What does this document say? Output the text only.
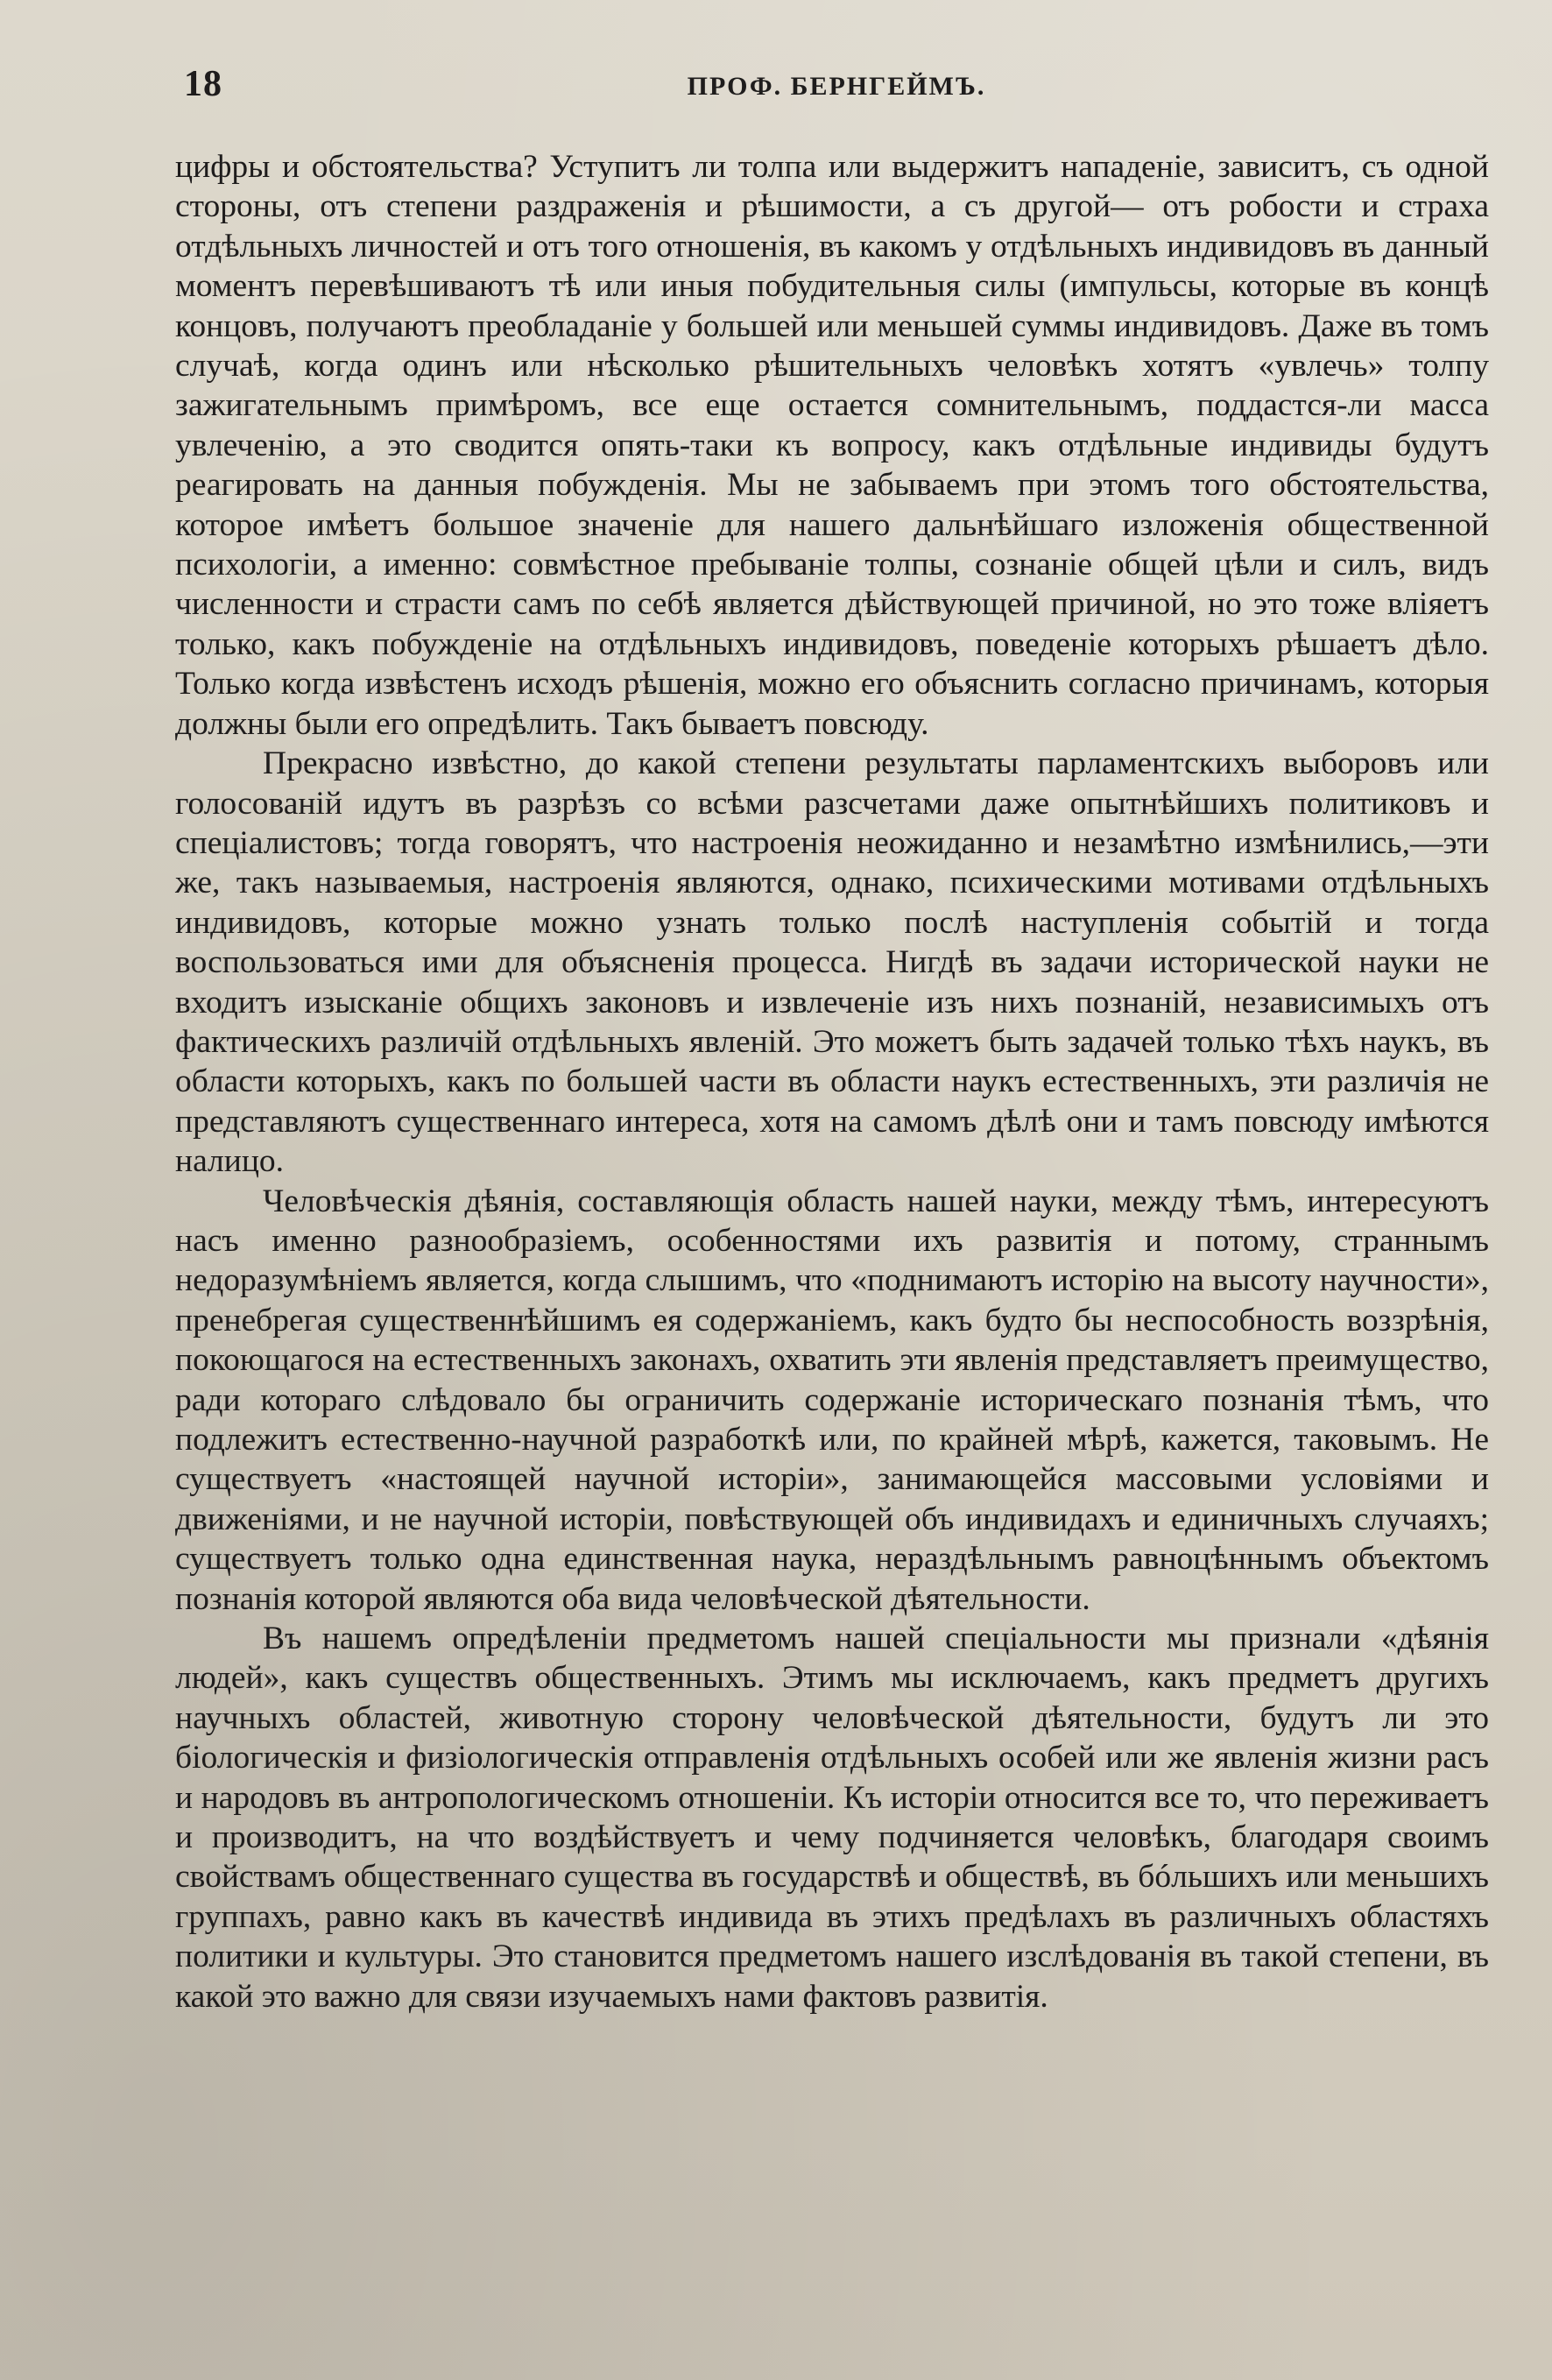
18	ПРОФ. БЕРНГЕЙМЪ.

цифры и обстоятельства? Уступитъ ли толпа или выдержитъ нападенiе, зависитъ, съ одной стороны, отъ степени раздраженiя и рѣшимости, а съ другой— отъ робости и страха отдѣльныхъ личностей и отъ того отношенiя, въ какомъ у отдѣльныхъ индивидовъ въ данный моментъ перевѣшиваютъ тѣ или иныя побудительныя силы (импульсы, которые въ концѣ концовъ, получаютъ преобладанiе у большей или меньшей суммы индивидовъ. Даже въ томъ случаѣ, когда одинъ или нѣсколько рѣшительныхъ человѣкъ хотятъ «увлечь» толпу зажигательнымъ примѣромъ, все еще остается сомнительнымъ, поддастся-ли масса увлеченiю, а это сводится опять-таки къ вопросу, какъ отдѣльные индивиды будутъ реагировать на данныя побужденiя. Мы не забываемъ при этомъ того обстоятельства, которое имѣетъ большое значенiе для нашего дальнѣйшаго изложенiя общественной психологiи, а именно: совмѣстное пребыванiе толпы, сознанiе общей цѣли и силъ, видъ численности и страсти самъ по себѣ является дѣйствующей причиной, но это тоже влiяетъ только, какъ побужденiе на отдѣльныхъ индивидовъ, поведенiе которыхъ рѣшаетъ дѣло. Только когда извѣстенъ исходъ рѣшенiя, можно его объяснить согласно причинамъ, которыя должны были его опредѣлить. Такъ бываетъ повсюду.

Прекрасно извѣстно, до какой степени результаты парламентскихъ выборовъ или голосованiй идутъ въ разрѣзъ со всѣми разсчетами даже опытнѣйшихъ политиковъ и спецiалистовъ; тогда говорятъ, что настроенiя неожиданно и незамѣтно измѣнились,—эти же, такъ называемыя, настроенiя являются, однако, психическими мотивами отдѣльныхъ индивидовъ, которые можно узнать только послѣ наступленiя событiй и тогда воспользоваться ими для объясненiя процесса. Нигдѣ въ задачи исторической науки не входитъ изысканiе общихъ законовъ и извлеченiе изъ нихъ познанiй, независимыхъ отъ фактическихъ различiй отдѣльныхъ явленiй. Это можетъ быть задачей только тѣхъ наукъ, въ области которыхъ, какъ по большей части въ области наукъ естественныхъ, эти различiя не представляютъ существеннаго интереса, хотя на самомъ дѣлѣ они и тамъ повсюду имѣются налицо.

Человѣческiя дѣянiя, составляющiя область нашей науки, между тѣмъ, интересуютъ насъ именно разнообразiемъ, особенностями ихъ развитiя и потому, страннымъ недоразумѣнiемъ является, когда слышимъ, что «поднимаютъ исторiю на высоту научности», пренебрегая существеннѣйшимъ ея содержанiемъ, какъ будто бы неспособность воззрѣнiя, покоющагося на естественныхъ законахъ, охватить эти явленiя представляетъ преимущество, ради котораго слѣдовало бы ограничить содержанiе историческаго познанiя тѣмъ, что подлежитъ естественно-научной разработкѣ или, по крайней мѣрѣ, кажется, таковымъ. Не существуетъ «настоящей научной исторiи», занимающейся массовыми условiями и движенiями, и не научной исторiи, повѣствующей объ индивидахъ и единичныхъ случаяхъ; существуетъ только одна единственная наука, нераздѣльнымъ равноцѣннымъ объектомъ познанiя которой являются оба вида человѣческой дѣятельности.

Въ нашемъ опредѣленiи предметомъ нашей спецiальности мы признали «дѣянiя людей», какъ существъ общественныхъ. Этимъ мы исключаемъ, какъ предметъ другихъ научныхъ областей, животную сторону человѣческой дѣятельности, будутъ ли это бiологическiя и физiологическiя отправленiя отдѣльныхъ особей или же явленiя жизни расъ и народовъ въ антропологическомъ отношенiи. Къ исторiи относится все то, что переживаетъ и производитъ, на что воздѣйствуетъ и чему подчиняется человѣкъ, благодаря своимъ свойствамъ общественнаго существа въ государствѣ и обществѣ, въ бóльшихъ или меньшихъ группахъ, равно какъ въ качествѣ индивида въ этихъ предѣлахъ въ различныхъ областяхъ политики и культуры. Это становится предметомъ нашего изслѣдованiя въ такой степени, въ какой это важно для связи изучаемыхъ нами фактовъ развитiя.
